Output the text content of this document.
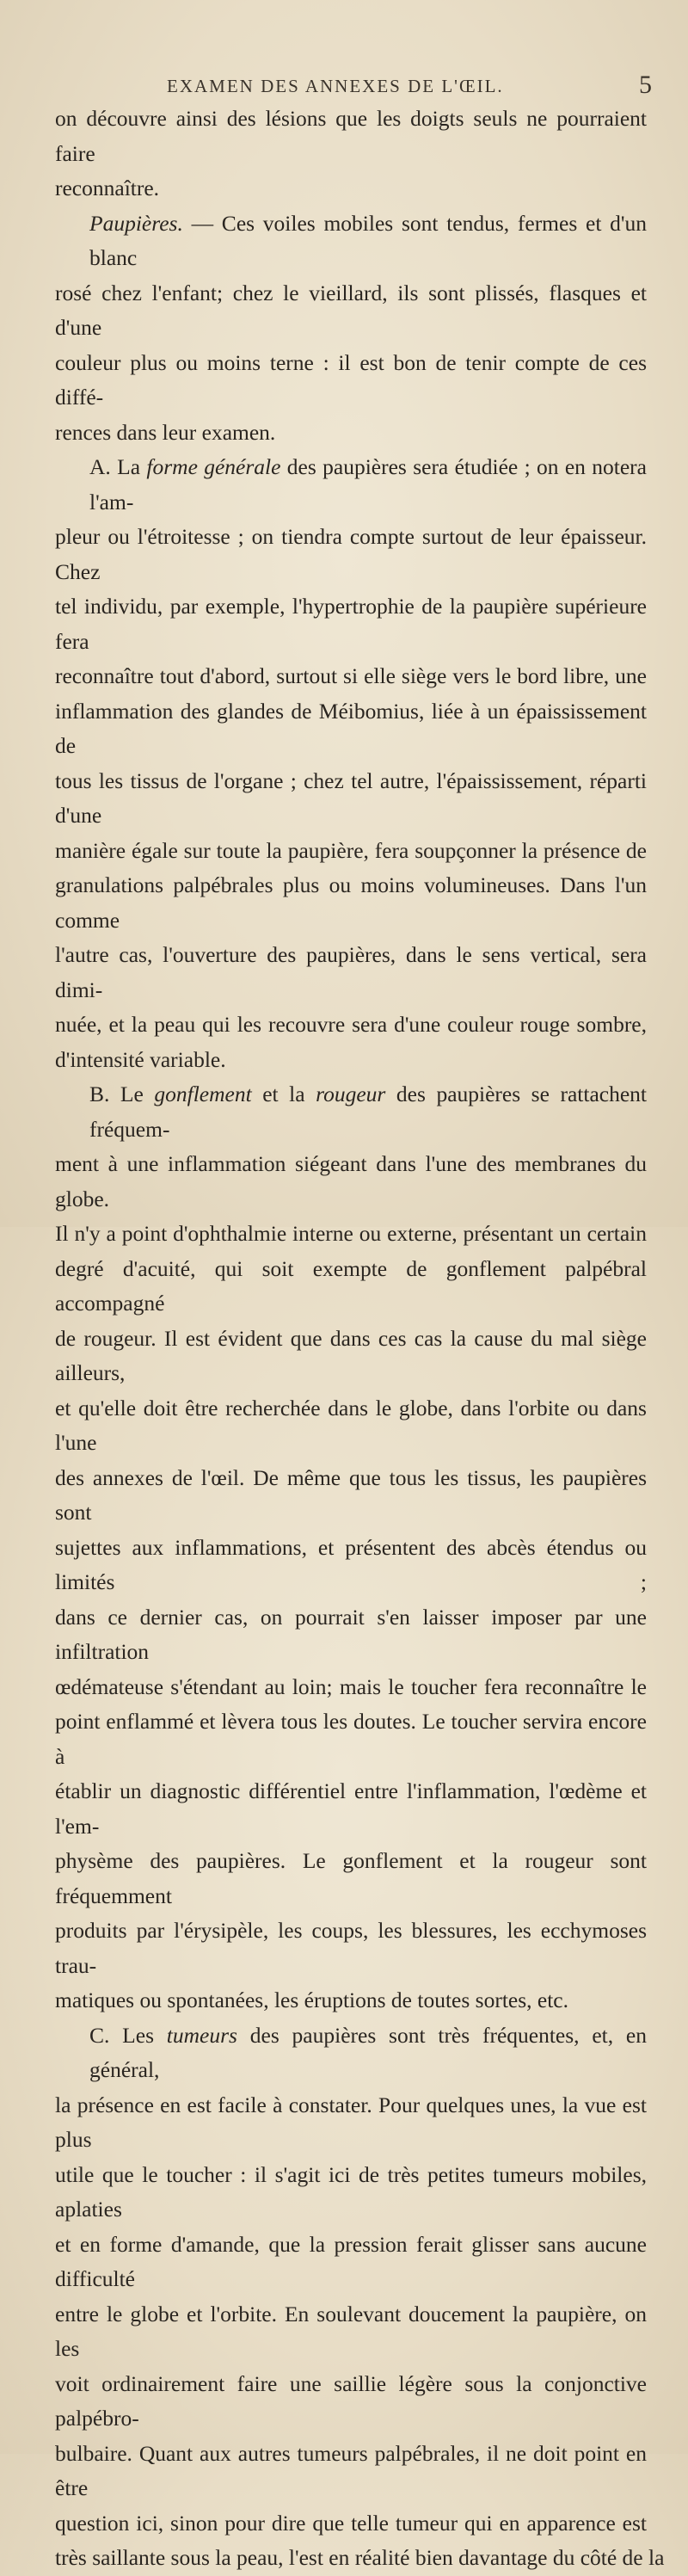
EXAMEN DES ANNEXES DE L'ŒIL.	5

on découvre ainsi des lésions que les doigts seuls ne pourraient faire

reconnaître.

Paupières. — Ces voiles mobiles sont tendus, fermes et d'un blanc

rosé chez l'enfant; chez le vieillard, ils sont plissés, flasques et d'une

couleur plus ou moins terne : il est bon de tenir compte de ces diffé-

rences dans leur examen.

A. La forme générale des paupières sera étudiée ; on en notera l'am-

pleur ou l'étroitesse ; on tiendra compte surtout de leur épaisseur. Chez

tel individu, par exemple, l'hypertrophie de la paupière supérieure fera

reconnaître tout d'abord, surtout si elle siège vers le bord libre, une

inflammation des glandes de Méibomius, liée à un épaississement de

tous les tissus de l'organe ; chez tel autre, l'épaississement, réparti d'une

manière égale sur toute la paupière, fera soupçonner la présence de

granulations palpébrales plus ou moins volumineuses. Dans l'un comme

l'autre cas, l'ouverture des paupières, dans le sens vertical, sera dimi-

nuée, et la peau qui les recouvre sera d'une couleur rouge sombre,

d'intensité variable.

B. Le gonflement et la rougeur des paupières se rattachent fréquem-

ment à une inflammation siégeant dans l'une des membranes du globe.

Il n'y a point d'ophthalmie interne ou externe, présentant un certain

degré d'acuité, qui soit exempte de gonflement palpébral accompagné

de rougeur. Il est évident que dans ces cas la cause du mal siège ailleurs,

et qu'elle doit être recherchée dans le globe, dans l'orbite ou dans l'une

des annexes de l'œil. De même que tous les tissus, les paupières sont

sujettes aux inflammations, et présentent des abcès étendus ou limités ;

dans ce dernier cas, on pourrait s'en laisser imposer par une infiltration

œdémateuse s'étendant au loin; mais le toucher fera reconnaître le

point enflammé et lèvera tous les doutes. Le toucher servira encore à

établir un diagnostic différentiel entre l'inflammation, l'œdème et l'em-

physème des paupières. Le gonflement et la rougeur sont fréquemment

produits par l'érysipèle, les coups, les blessures, les ecchymoses trau-

matiques ou spontanées, les éruptions de toutes sortes, etc.

C. Les tumeurs des paupières sont très fréquentes, et, en général,

la présence en est facile à constater. Pour quelques unes, la vue est plus

utile que le toucher : il s'agit ici de très petites tumeurs mobiles, aplaties

et en forme d'amande, que la pression ferait glisser sans aucune difficulté

entre le globe et l'orbite. En soulevant doucement la paupière, on les

voit ordinairement faire une saillie légère sous la conjonctive palpébro-

bulbaire. Quant aux autres tumeurs palpébrales, il ne doit point en être

question ici, sinon pour dire que telle tumeur qui en apparence est

très saillante sous la peau, l'est en réalité bien davantage du côté de la
